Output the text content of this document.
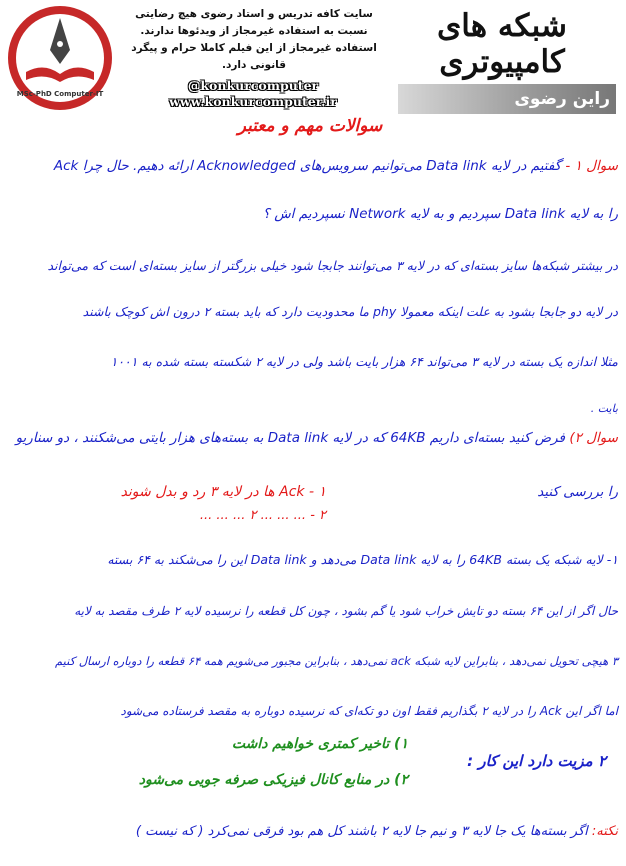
MSc-PhD Computer-IT
سایت کافه تدریس و استاد رضوی هیچ رضایتی نسبت به استفاده غیرمجاز از ویدئوها ندارند. استفاده غیرمجاز از این فیلم کاملا حرام و پیگرد قانونی دارد.
شبکه های کامپیوتری
راین رضوی
@konkurcomputer
www.konkurcomputer.ir
سوالات مهم و معتبر
سوال ۱ - گفتیم در لایه Data link می‌توانیم سرویس‌های Acknowledged ارائه دهیم. حال چرا Ack
را به لایه Data link سپردیم و به لایه Network نسپردیم اش ؟
در بیشتر شبکه‌ها سایز بسته‌ای که در لایه ۳ می‌توانند جابجا شود خیلی بزرگتر از سایز بسته‌ای است که می‌تواند
در لایه دو جابجا بشود به علت اینکه معمولا phy ما محدودیت دارد که باید بسته ۲ درون اش کوچک باشند
مثلا اندازه یک بسته در لایه ۳ می‌تواند ۶۴ هزار بایت باشد ولی در لایه ۲ شکسته بسته شده به ۱۰۰۱
بایت .
سوال ۲) فرض کنید بسته‌ای داریم 64KB که در لایه Data link به بسته‌های هزار بایتی می‌شکنند ، دو سناریو
را بررسی کنید
۱ - Ack ها در لایه ۳ رد و بدل شوند
۲ - ... ... ... ۲ ... ... ...
۱- لایه شبکه یک بسته 64KB را به لایه Data link می‌دهد و Data link این را می‌شکند به ۶۴ بسته
حال اگر از این ۶۴ بسته دو تایش خراب شود یا گم بشود ، چون کل قطعه را نرسیده لایه ۲ طرف مقصد به لایه
۳ هیچی تحویل نمی‌دهد ، بنابراین لایه شبکه ack نمی‌دهد ، بنابراین مجبور می‌شویم همه ۶۴ قطعه را دوباره ارسال کنیم
اما اگر این Ack را در لایه ۲ بگذاریم فقط اون دو تکه‌ای که نرسیده دوباره به مقصد فرستاده می‌شود
۲ مزیت دارد این کار :
۱) تاخیر کمتری خواهیم داشت
۲) در منابع کانال فیزیکی صرفه جویی می‌شود
نکته: اگر بسته‌ها یک جا لایه ۳ و نیم جا لایه ۲ باشند کل هم بود فرقی نمی‌کرد ( که نیست )
